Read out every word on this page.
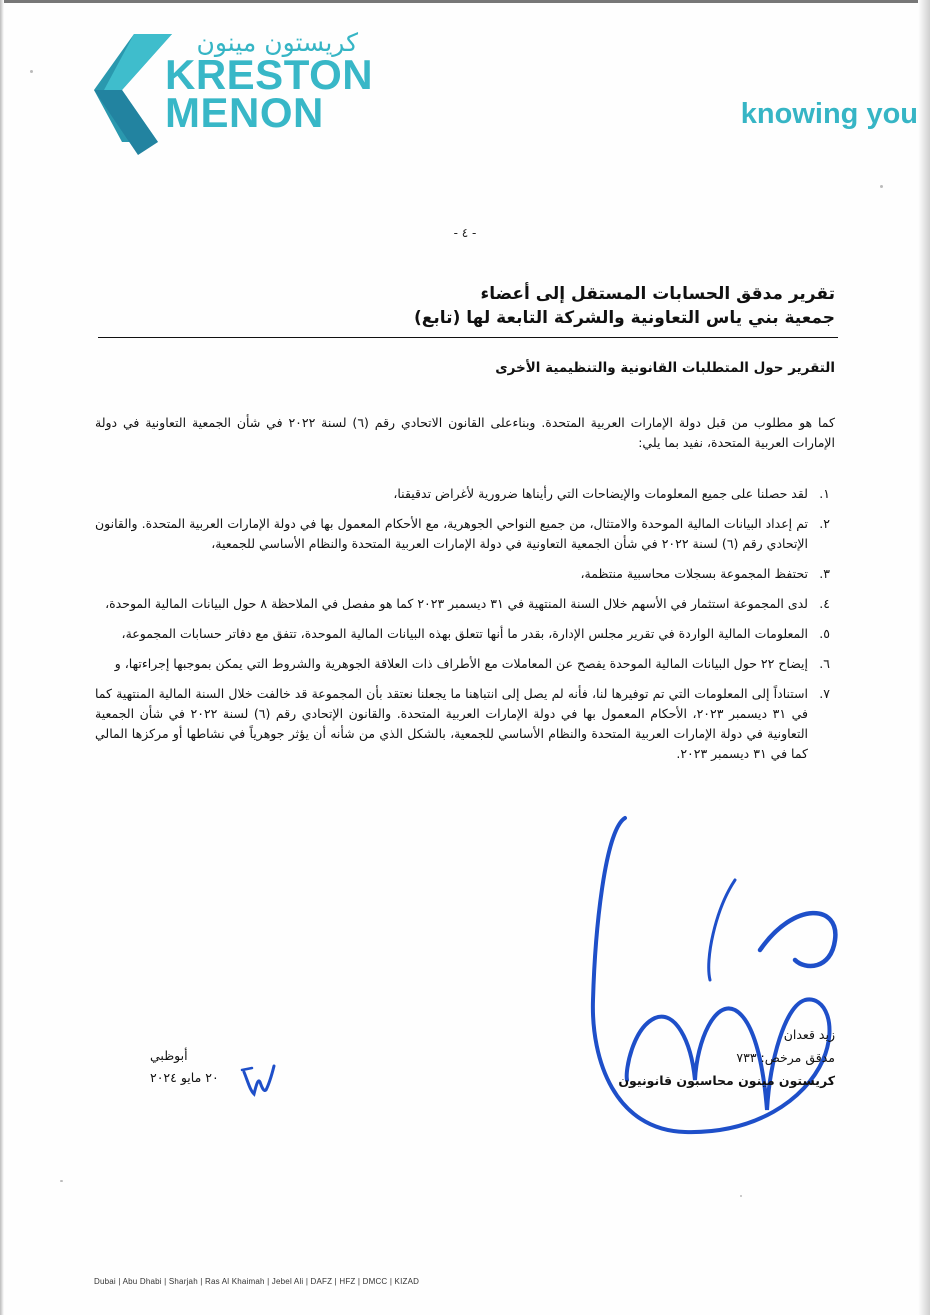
كريستون مينون
KRESTON
MENON	knowing you
- ٤ -
تقرير مدقق الحسابات المستقل إلى أعضاء
جمعية بني ياس التعاونية والشركة التابعة لها (تابع)
التقرير حول المتطلبات القانونية والتنظيمية الأخرى
كما هو مطلوب من قبل دولة الإمارات العربية المتحدة. وبناءعلى القانون الاتحادي رقم (٦) لسنة ٢٠٢٢ في شأن الجمعية التعاونية في دولة الإمارات العربية المتحدة، نفيد بما يلي:
١.
لقد حصلنا على جميع المعلومات والإيضاحات التي رأيناها ضرورية لأغراض تدقيقنا،
٢.
تم إعداد البيانات المالية الموحدة والامتثال، من جميع النواحي الجوهرية، مع الأحكام المعمول بها في دولة الإمارات العربية المتحدة. والقانون الإتحادي رقم (٦) لسنة ٢٠٢٢ في شأن الجمعية التعاونية في دولة الإمارات العربية المتحدة والنظام الأساسي للجمعية،
٣.
تحتفظ المجموعة بسجلات محاسبية منتظمة،
٤.
لدى المجموعة استثمار في الأسهم خلال السنة المنتهية في ٣١ ديسمبر ٢٠٢٣ كما هو مفصل في الملاحظة ٨ حول البيانات المالية الموحدة،
٥.
المعلومات المالية الواردة في تقرير مجلس الإدارة، بقدر ما أنها تتعلق بهذه البيانات المالية الموحدة، تتفق مع دفاتر حسابات المجموعة،
٦.
إيضاح ٢٢ حول البيانات المالية الموحدة يفصح عن المعاملات مع الأطراف ذات العلاقة الجوهرية والشروط التي يمكن بموجبها إجراءتها، و
٧.
استناداً إلى المعلومات التي تم توفيرها لنا، فأنه لم يصل إلى انتباهنا ما يجعلنا نعتقد بأن المجموعة قد خالفت خلال السنة المالية المنتهية كما في ٣١ ديسمبر ٢٠٢٣، الأحكام المعمول بها في دولة الإمارات العربية المتحدة. والقانون الإتحادي رقم (٦) لسنة ٢٠٢٢ في شأن الجمعية التعاونية في دولة الإمارات العربية المتحدة والنظام الأساسي للجمعية، بالشكل الذي من شأنه أن يؤثر جوهرياً في نشاطها أو مركزها المالي كما في ٣١ ديسمبر ٢٠٢٣.
زيد قعدان
مدقق مرخص: ٧٣٣
كريستون مينون محاسبون قانونيون
أبوظبي
٢٠ مايو ٢٠٢٤
Dubai | Abu Dhabi | Sharjah | Ras Al Khaimah | Jebel Ali | DAFZ | HFZ | DMCC | KIZAD
